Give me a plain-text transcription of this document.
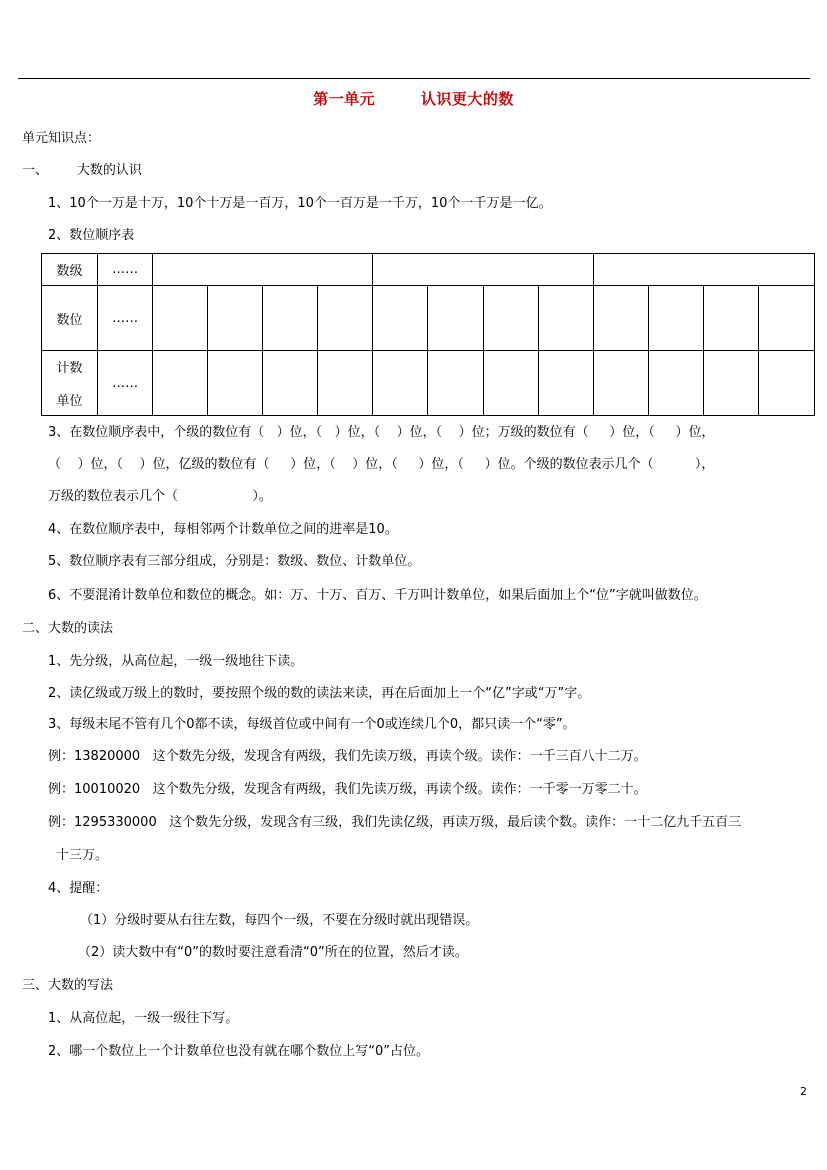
第一单元        认识更大的数
单元知识点：
一、       大数的认识
1、10个一万是十万，10个十万是一百万，10个一百万是一千万，10个一千万是一亿。
2、数位顺序表
数级	……												
数位	……												

计数
单位	……												
3、在数位顺序表中，个级的数位有（   ）位，（   ）位，（    ）位，（    ）位；万级的数位有（     ）位，（     ）位，
（    ）位，（    ）位，亿级的数位有（     ）位，（    ）位，（     ）位，（     ）位。个级的数位表示几个（          ），
万级的数位表示几个（                  ）。
4、在数位顺序表中，每相邻两个计数单位之间的进率是10。
5、数位顺序表有三部分组成，分别是：数级、数位、计数单位。
6、不要混淆计数单位和数位的概念。如：万、十万、百万、千万叫计数单位，如果后面加上个“位”字就叫做数位。
二、大数的读法
1、先分级，从高位起，一级一级地往下读。
2、读亿级或万级上的数时，要按照个级的数的读法来读，再在后面加上一个“亿”字或“万”字。
3、每级末尾不管有几个0都不读，每级首位或中间有一个0或连续几个0，都只读一个“零”。
例：13820000   这个数先分级，发现含有两级，我们先读万级，再读个级。读作：一千三百八十二万。
例：10010020   这个数先分级，发现含有两级，我们先读万级，再读个级。读作：一千零一万零二十。
例：1295330000   这个数先分级，发现含有三级，我们先读亿级，再读万级，最后读个数。读作：一十二亿九千五百三
十三万。
4、提醒：
（1）分级时要从右往左数，每四个一级，不要在分级时就出现错误。
（2）读大数中有“0”的数时要注意看清“0”所在的位置，然后才读。
三、大数的写法
1、从高位起，一级一级往下写。
2、哪一个数位上一个计数单位也没有就在哪个数位上写“0”占位。
2
